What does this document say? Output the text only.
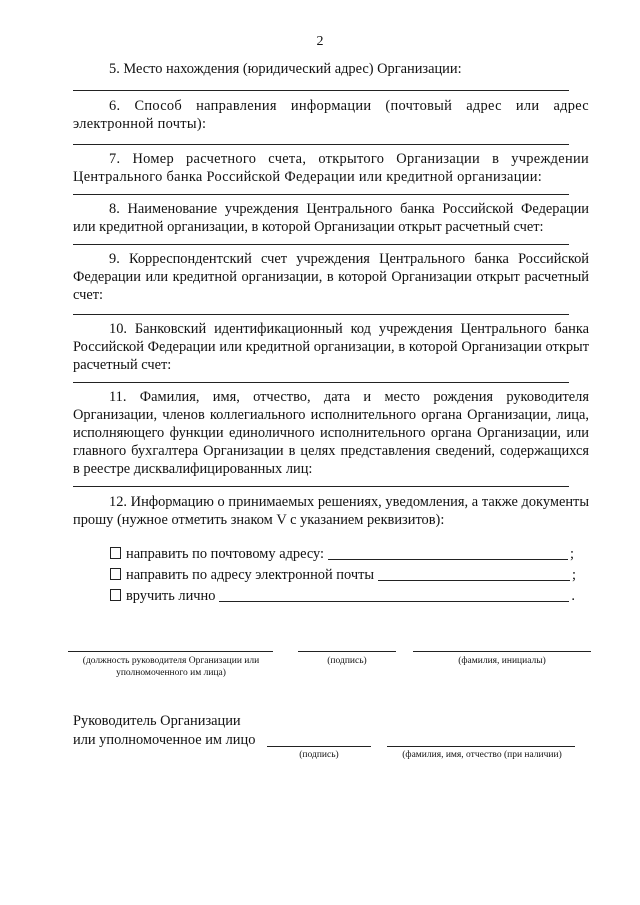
2
5. Место нахождения (юридический адрес) Организации:
6. Способ направления информации (почтовый адрес или адрес электронной почты):
7. Номер расчетного счета, открытого Организации в учреждении Центрального банка Российской Федерации или кредитной организации:
8. Наименование учреждения Центрального банка Российской Федерации или кредитной организации, в которой Организации открыт расчетный счет:
9. Корреспондентский счет учреждения Центрального банка Российской Федерации или кредитной организации, в которой Организации открыт расчетный счет:
10. Банковский идентификационный код учреждения Центрального банка Российской Федерации или кредитной организации, в которой Организации открыт расчетный счет:
11. Фамилия, имя, отчество, дата и место рождения руководителя Организации, членов коллегиального исполнительного органа Организации, лица, исполняющего функции единоличного исполнительного органа Организации, или главного бухгалтера Организации в целях представления сведений, содержащихся в реестре дисквалифицированных лиц:
12. Информацию о принимаемых решениях, уведомления, а также документы прошу (нужное отметить знаком V с указанием реквизитов):
направить по почтовому адресу:	;
направить по адресу электронной почты	;
вручить лично	.
(должность руководителя Организации или уполномоченного им лица)
(подпись)	(фамилия, инициалы)
Руководитель Организации
или уполномоченное им лицо
(подпись)	(фамилия, имя, отчество (при наличии)
